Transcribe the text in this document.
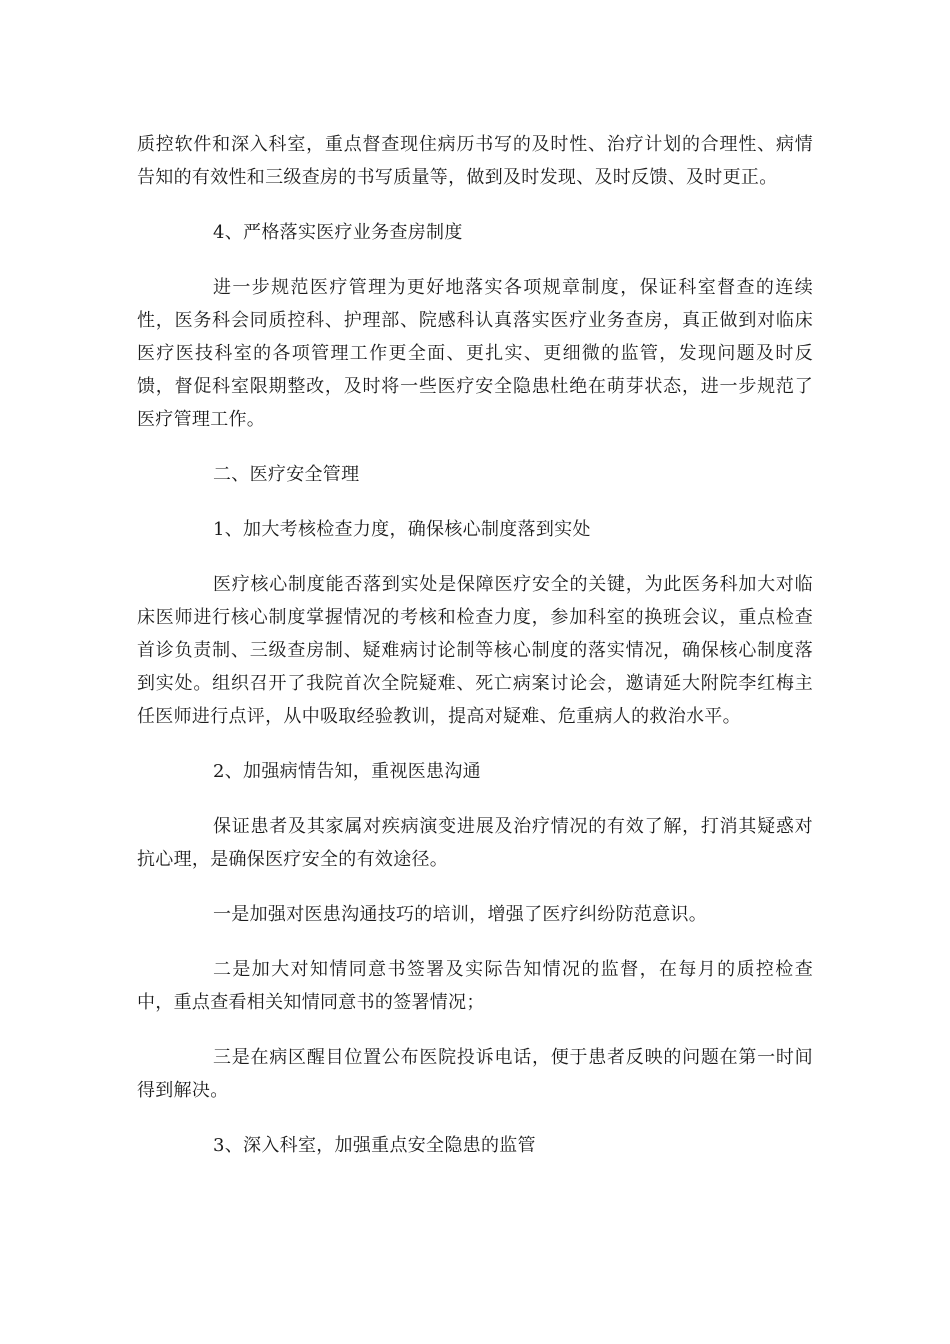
质控软件和深入科室，重点督查现住病历书写的及时性、治疗计划的合理性、病情告知的有效性和三级查房的书写质量等，做到及时发现、及时反馈、及时更正。

4、严格落实医疗业务查房制度

进一步规范医疗管理为更好地落实各项规章制度，保证科室督查的连续性，医务科会同质控科、护理部、院感科认真落实医疗业务查房，真正做到对临床医疗医技科室的各项管理工作更全面、更扎实、更细微的监管，发现问题及时反馈，督促科室限期整改，及时将一些医疗安全隐患杜绝在萌芽状态，进一步规范了医疗管理工作。

二、医疗安全管理

1、加大考核检查力度，确保核心制度落到实处

医疗核心制度能否落到实处是保障医疗安全的关键，为此医务科加大对临床医师进行核心制度掌握情况的考核和检查力度，参加科室的换班会议，重点检查首诊负责制、三级查房制、疑难病讨论制等核心制度的落实情况，确保核心制度落到实处。组织召开了我院首次全院疑难、死亡病案讨论会，邀请延大附院李红梅主任医师进行点评，从中吸取经验教训，提高对疑难、危重病人的救治水平。

2、加强病情告知，重视医患沟通

保证患者及其家属对疾病演变进展及治疗情况的有效了解，打消其疑惑对抗心理，是确保医疗安全的有效途径。

一是加强对医患沟通技巧的培训，增强了医疗纠纷防范意识。

二是加大对知情同意书签署及实际告知情况的监督，在每月的质控检查中，重点查看相关知情同意书的签署情况；

三是在病区醒目位置公布医院投诉电话，便于患者反映的问题在第一时间得到解决。

3、深入科室，加强重点安全隐患的监管
